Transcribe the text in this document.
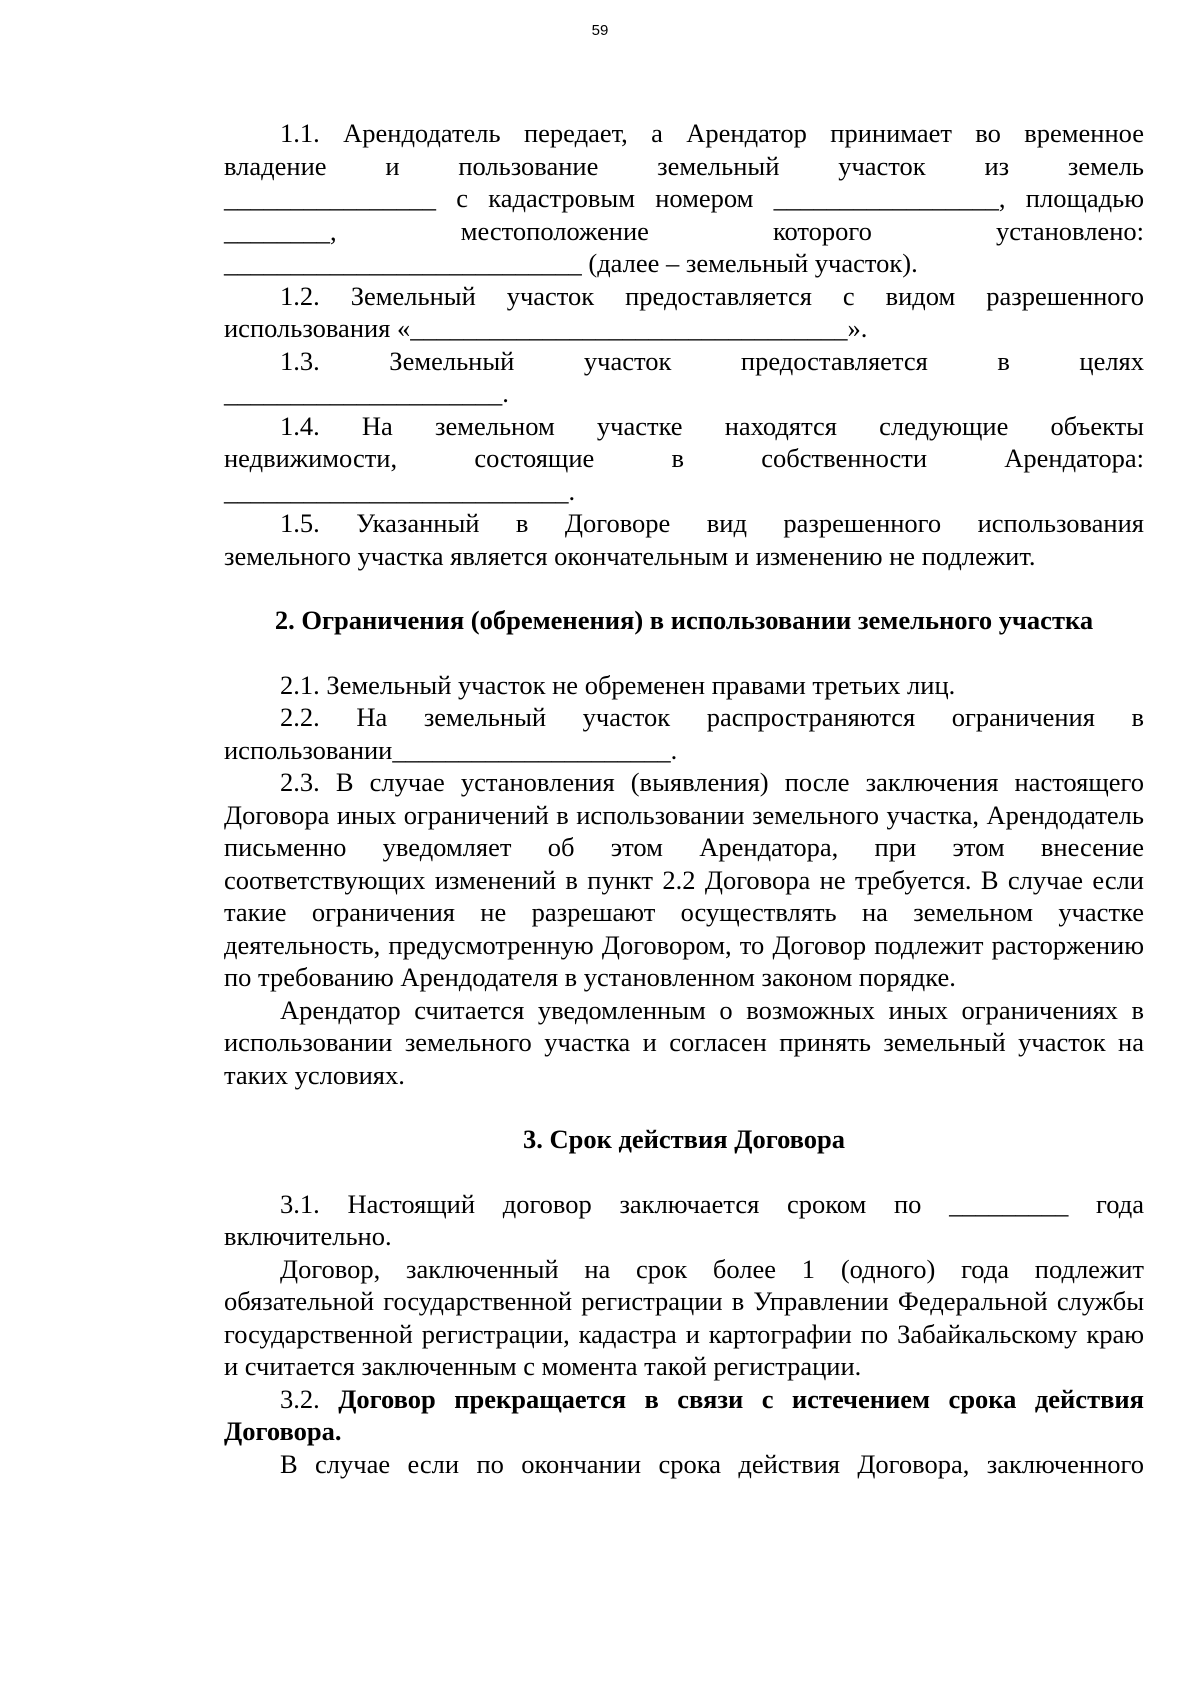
59

1.1. Арендодатель передает, а Арендатор принимает во временное

владение и пользование земельный участок из земель

________________ с кадастровым номером _________________, площадью

________, местоположение которого установлено:

___________________________ (далее – земельный участок).

1.2. Земельный участок предоставляется с видом разрешенного

использования «_________________________________».

1.3. Земельный участок предоставляется в целях

_____________________.

1.4. На земельном участке находятся следующие объекты

недвижимости, состоящие в собственности Арендатора:

__________________________.

1.5. Указанный в Договоре вид разрешенного использования

земельного участка является окончательным и изменению не подлежит.

2. Ограничения (обременения) в использовании земельного участка

2.1. Земельный участок не обременен правами третьих лиц.

2.2. На земельный участок распространяются ограничения в

использовании_____________________.

2.3. В случае установления (выявления) после заключения настоящего Договора иных ограничений в использовании земельного участка, Арендодатель письменно уведомляет об этом Арендатора, при этом внесение соответствующих изменений в пункт 2.2 Договора не требуется. В случае если такие ограничения не разрешают осуществлять на земельном участке деятельность, предусмотренную Договором, то Договор подлежит расторжению по требованию Арендодателя в установленном законом порядке.

Арендатор считается уведомленным о возможных иных ограничениях в использовании земельного участка и согласен принять земельный участок на таких условиях.

3. Срок действия Договора

3.1. Настоящий договор заключается сроком по _________ года

включительно.

Договор, заключенный на срок более 1 (одного) года подлежит обязательной государственной регистрации в Управлении Федеральной службы государственной регистрации, кадастра и картографии по Забайкальскому краю и считается заключенным с момента такой регистрации.

3.2. Договор прекращается в связи с истечением срока действия Договора.

В случае если по окончании срока действия Договора, заключенного
